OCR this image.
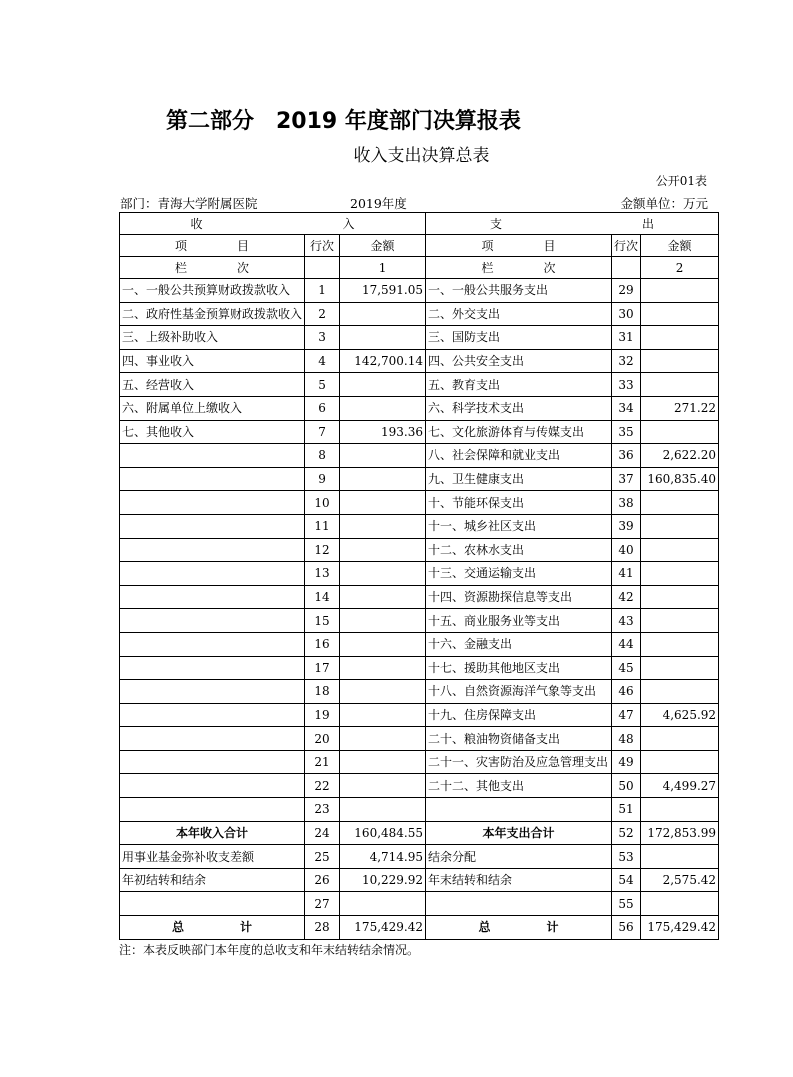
第二部分　2019 年度部门决算报表
收入支出决算总表
公开01表
部门：青海大学附属医院	2019年度	金额单位：万元
收 入			支 出		
项 目	行次	金额	项 目	行次	金额
栏 次		1	栏 次		2
一、一般公共预算财政拨款收入	1	17,591.05	一、一般公共服务支出	29	
二、政府性基金预算财政拨款收入	2		二、外交支出	30	
三、上级补助收入	3		三、国防支出	31	
四、事业收入	4	142,700.14	四、公共安全支出	32	
五、经营收入	5		五、教育支出	33	
六、附属单位上缴收入	6		六、科学技术支出	34	271.22
七、其他收入	7	193.36	七、文化旅游体育与传媒支出	35	
	8		八、社会保障和就业支出	36	2,622.20
	9		九、卫生健康支出	37	160,835.40
	10		十、节能环保支出	38	
	11		十一、城乡社区支出	39	
	12		十二、农林水支出	40	
	13		十三、交通运输支出	41	
	14		十四、资源勘探信息等支出	42	
	15		十五、商业服务业等支出	43	
	16		十六、金融支出	44	
	17		十七、援助其他地区支出	45	
	18		十八、自然资源海洋气象等支出	46	
	19		十九、住房保障支出	47	4,625.92
	20		二十、粮油物资储备支出	48	
	21		二十一、灾害防治及应急管理支出	49	
	22		二十二、其他支出	50	4,499.27
	23			51	
本年收入合计	24	160,484.55	本年支出合计	52	172,853.99
用事业基金弥补收支差额	25	4,714.95	结余分配	53	
年初结转和结余	26	10,229.92	年末结转和结余	54	2,575.42
	27			55	
总 计	28	175,429.42	总 计	56	175,429.42
注：本表反映部门本年度的总收支和年末结转结余情况。
